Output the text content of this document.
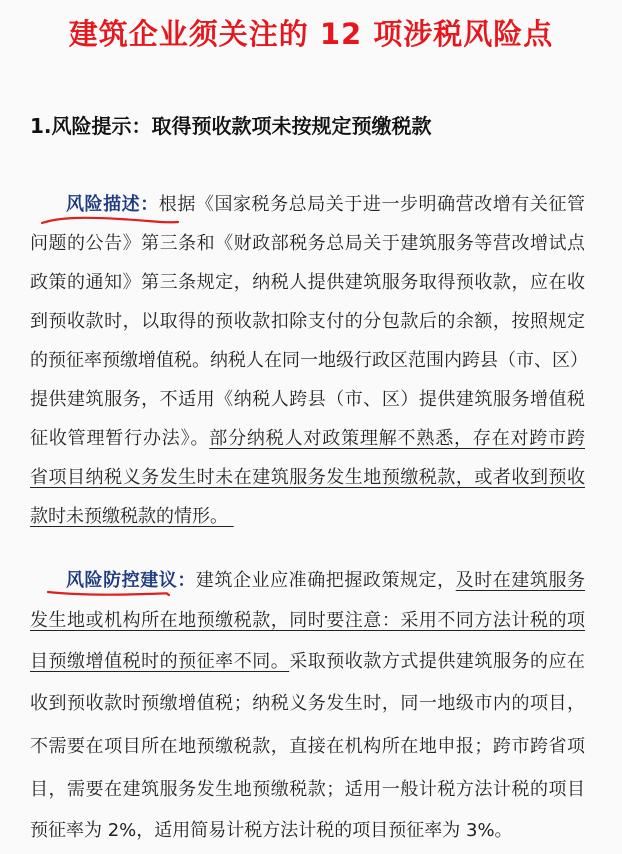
建筑企业须关注的 12 项涉税风险点
1.风险提示：取得预收款项未按规定预缴税款
风险描述：根据《国家税务总局关于进一步明确营改增有关征管
问题的公告》第三条和《财政部税务总局关于建筑服务等营改增试点
政策的通知》第三条规定，纳税人提供建筑服务取得预收款，应在收
到预收款时，以取得的预收款扣除支付的分包款后的余额，按照规定
的预征率预缴增值税。纳税人在同一地级行政区范围内跨县（市、区）
提供建筑服务，不适用《纳税人跨县（市、区）提供建筑服务增值税
征收管理暂行办法》。部分纳税人对政策理解不熟悉，存在对跨市跨
省项目纳税义务发生时未在建筑服务发生地预缴税款，或者收到预收
款时未预缴税款的情形。
风险防控建议：建筑企业应准确把握政策规定，及时在建筑服务
发生地或机构所在地预缴税款，同时要注意：采用不同方法计税的项
目预缴增值税时的预征率不同。采取预收款方式提供建筑服务的应在
收到预收款时预缴增值税；纳税义务发生时，同一地级市内的项目，
不需要在项目所在地预缴税款，直接在机构所在地申报；跨市跨省项
目，需要在建筑服务发生地预缴税款；适用一般计税方法计税的项目
预征率为 2%，适用简易计税方法计税的项目预征率为 3%。
